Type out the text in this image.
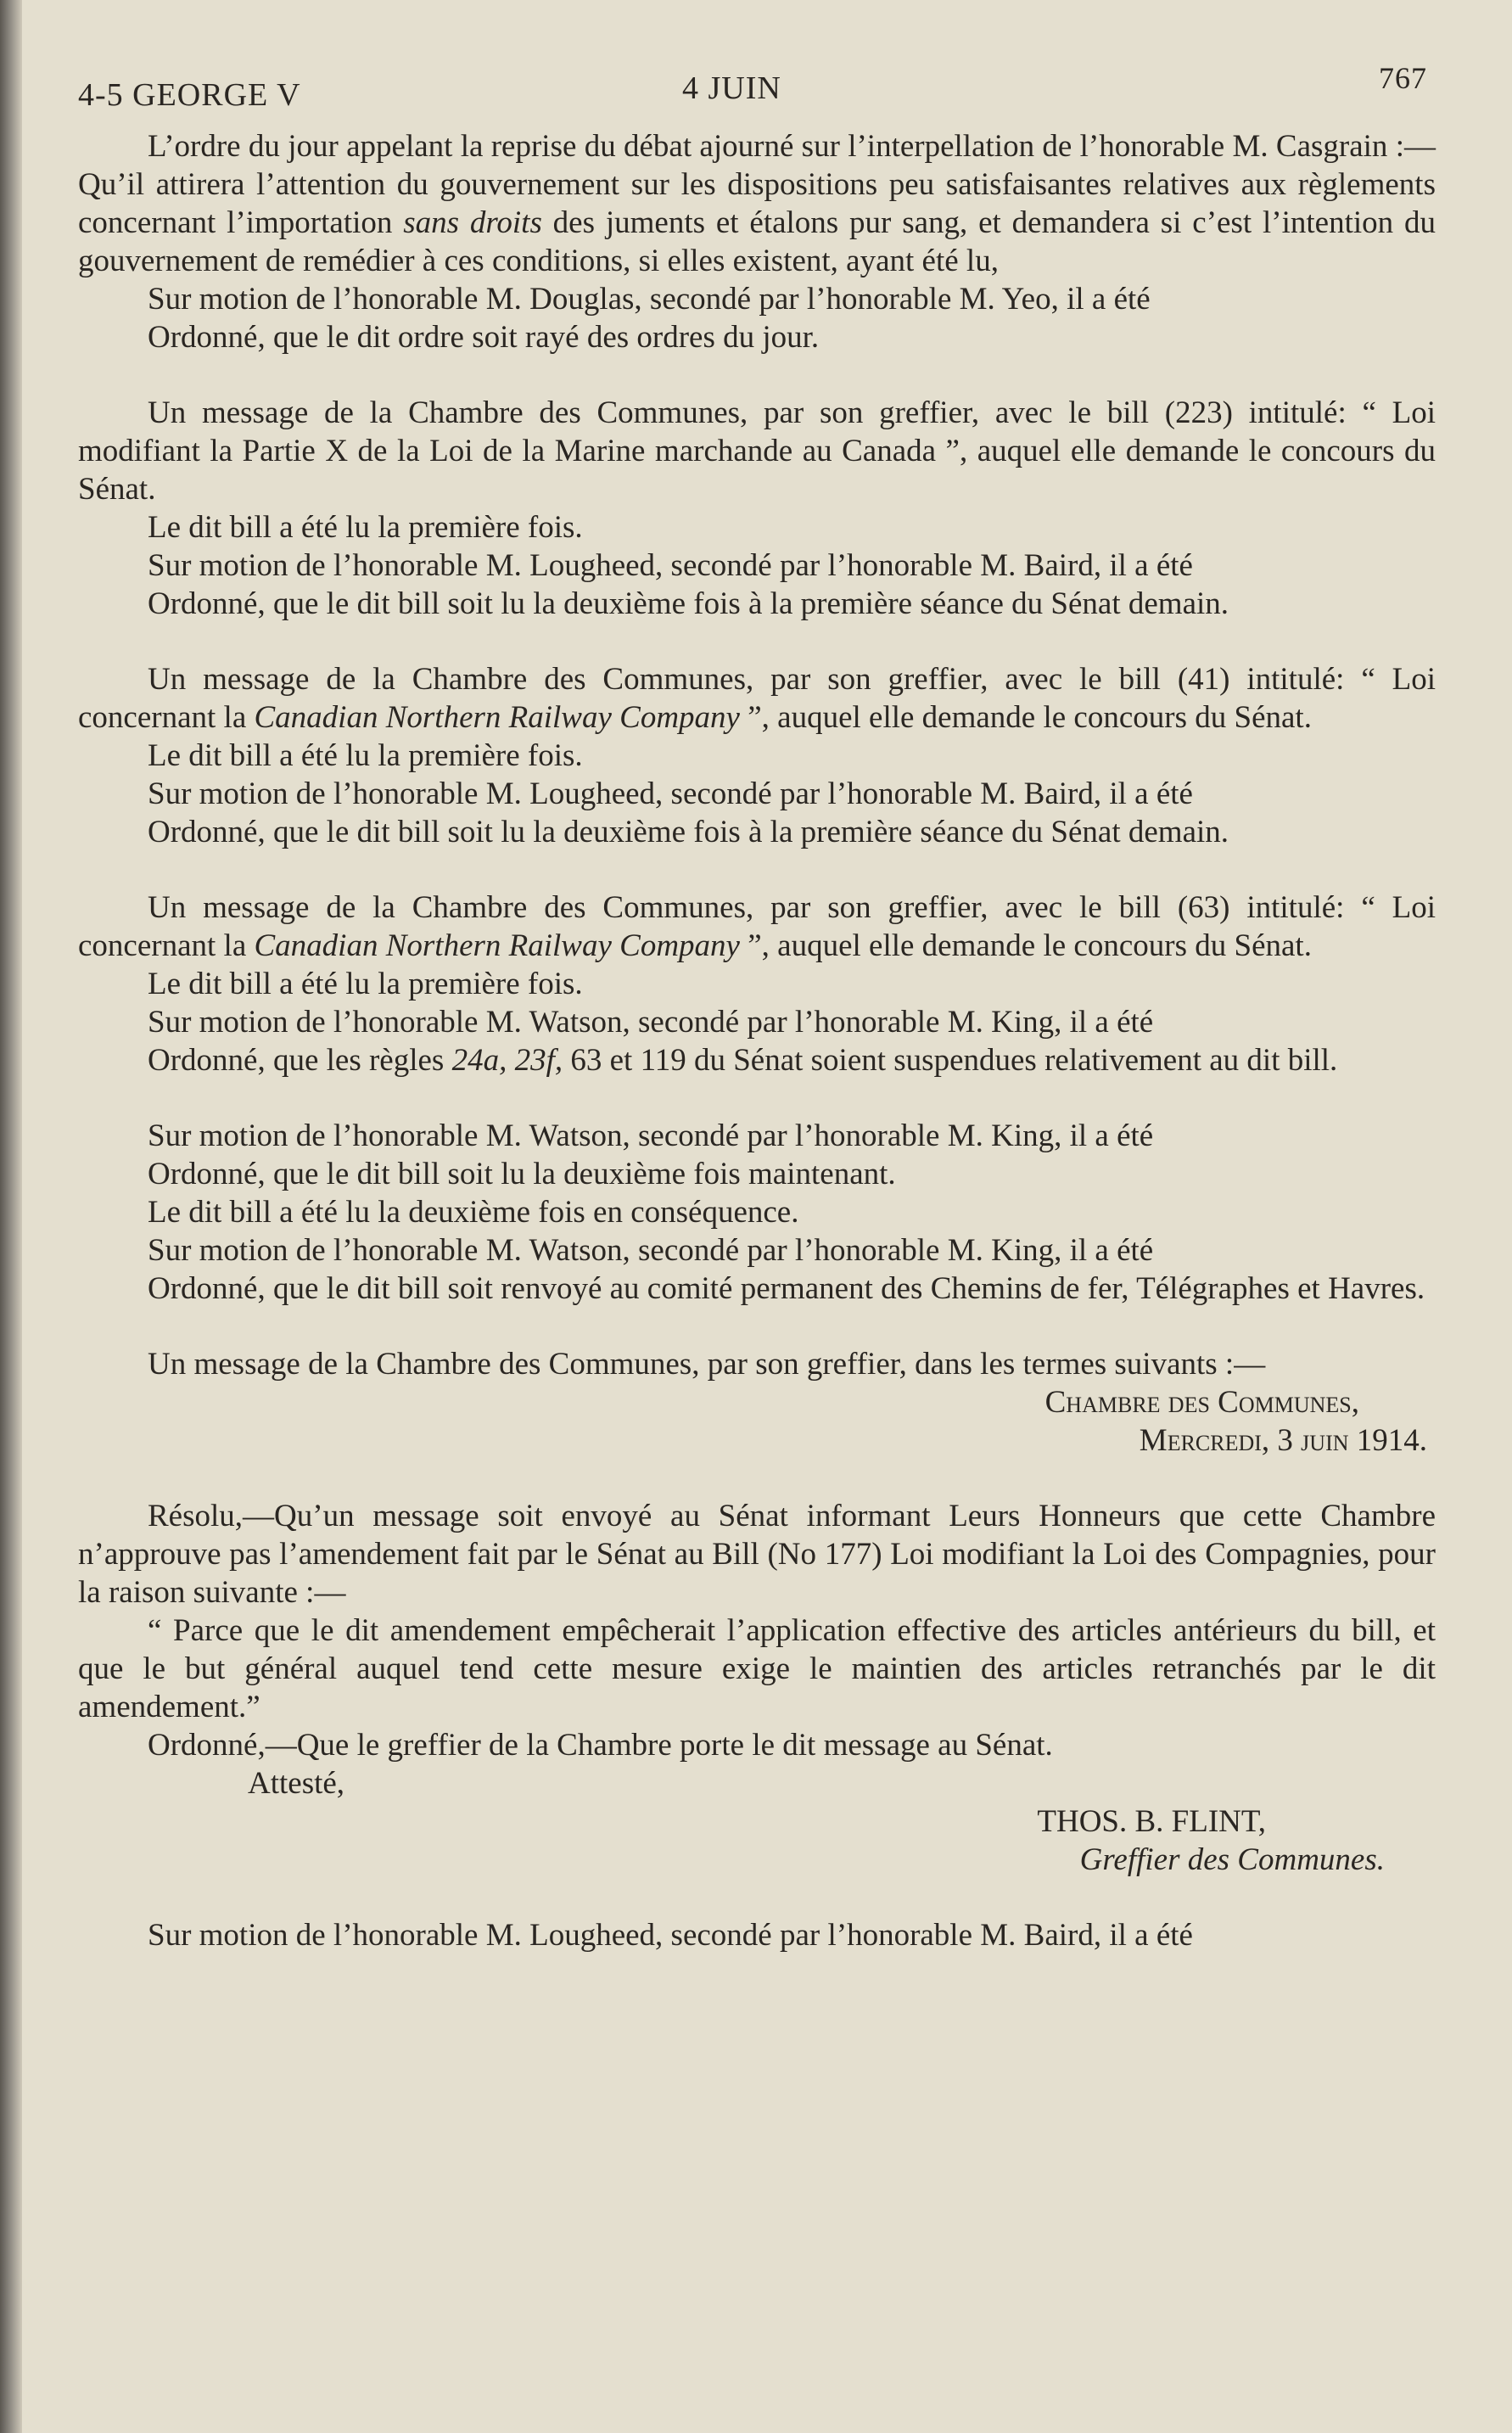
4-5 GEORGE V	4 JUIN	767

L’ordre du jour appelant la reprise du débat ajourné sur l’interpellation de l’honorable M. Casgrain :—Qu’il attirera l’attention du gouvernement sur les dispositions peu satisfaisantes relatives aux règlements concernant l’importation sans droits des juments et étalons pur sang, et demandera si c’est l’intention du gouvernement de remédier à ces conditions, si elles existent, ayant été lu,

Sur motion de l’honorable M. Douglas, secondé par l’honorable M. Yeo, il a été

Ordonné, que le dit ordre soit rayé des ordres du jour.

Un message de la Chambre des Communes, par son greffier, avec le bill (223) intitulé: “ Loi modifiant la Partie X de la Loi de la Marine marchande au Canada ”, auquel elle demande le concours du Sénat.

Le dit bill a été lu la première fois.

Sur motion de l’honorable M. Lougheed, secondé par l’honorable M. Baird, il a été

Ordonné, que le dit bill soit lu la deuxième fois à la première séance du Sénat demain.

Un message de la Chambre des Communes, par son greffier, avec le bill (41) intitulé: “ Loi concernant la Canadian Northern Railway Company ”, auquel elle demande le concours du Sénat.

Le dit bill a été lu la première fois.

Sur motion de l’honorable M. Lougheed, secondé par l’honorable M. Baird, il a été

Ordonné, que le dit bill soit lu la deuxième fois à la première séance du Sénat demain.

Un message de la Chambre des Communes, par son greffier, avec le bill (63) intitulé: “ Loi concernant la Canadian Northern Railway Company ”, auquel elle demande le concours du Sénat.

Le dit bill a été lu la première fois.

Sur motion de l’honorable M. Watson, secondé par l’honorable M. King, il a été

Ordonné, que les règles 24a, 23f, 63 et 119 du Sénat soient suspendues relativement au dit bill.

Sur motion de l’honorable M. Watson, secondé par l’honorable M. King, il a été

Ordonné, que le dit bill soit lu la deuxième fois maintenant.

Le dit bill a été lu la deuxième fois en conséquence.

Sur motion de l’honorable M. Watson, secondé par l’honorable M. King, il a été

Ordonné, que le dit bill soit renvoyé au comité permanent des Chemins de fer, Télégraphes et Havres.

Un message de la Chambre des Communes, par son greffier, dans les termes suivants :—

Chambre des Communes,

Mercredi, 3 juin 1914.

Résolu,—Qu’un message soit envoyé au Sénat informant Leurs Honneurs que cette Chambre n’approuve pas l’amendement fait par le Sénat au Bill (No 177) Loi modifiant la Loi des Compagnies, pour la raison suivante :—

“ Parce que le dit amendement empêcherait l’application effective des articles antérieurs du bill, et que le but général auquel tend cette mesure exige le maintien des articles retranchés par le dit amendement.”

Ordonné,—Que le greffier de la Chambre porte le dit message au Sénat.

Attesté,

THOS. B. FLINT,
Greffier des Communes.

Sur motion de l’honorable M. Lougheed, secondé par l’honorable M. Baird, il a été
